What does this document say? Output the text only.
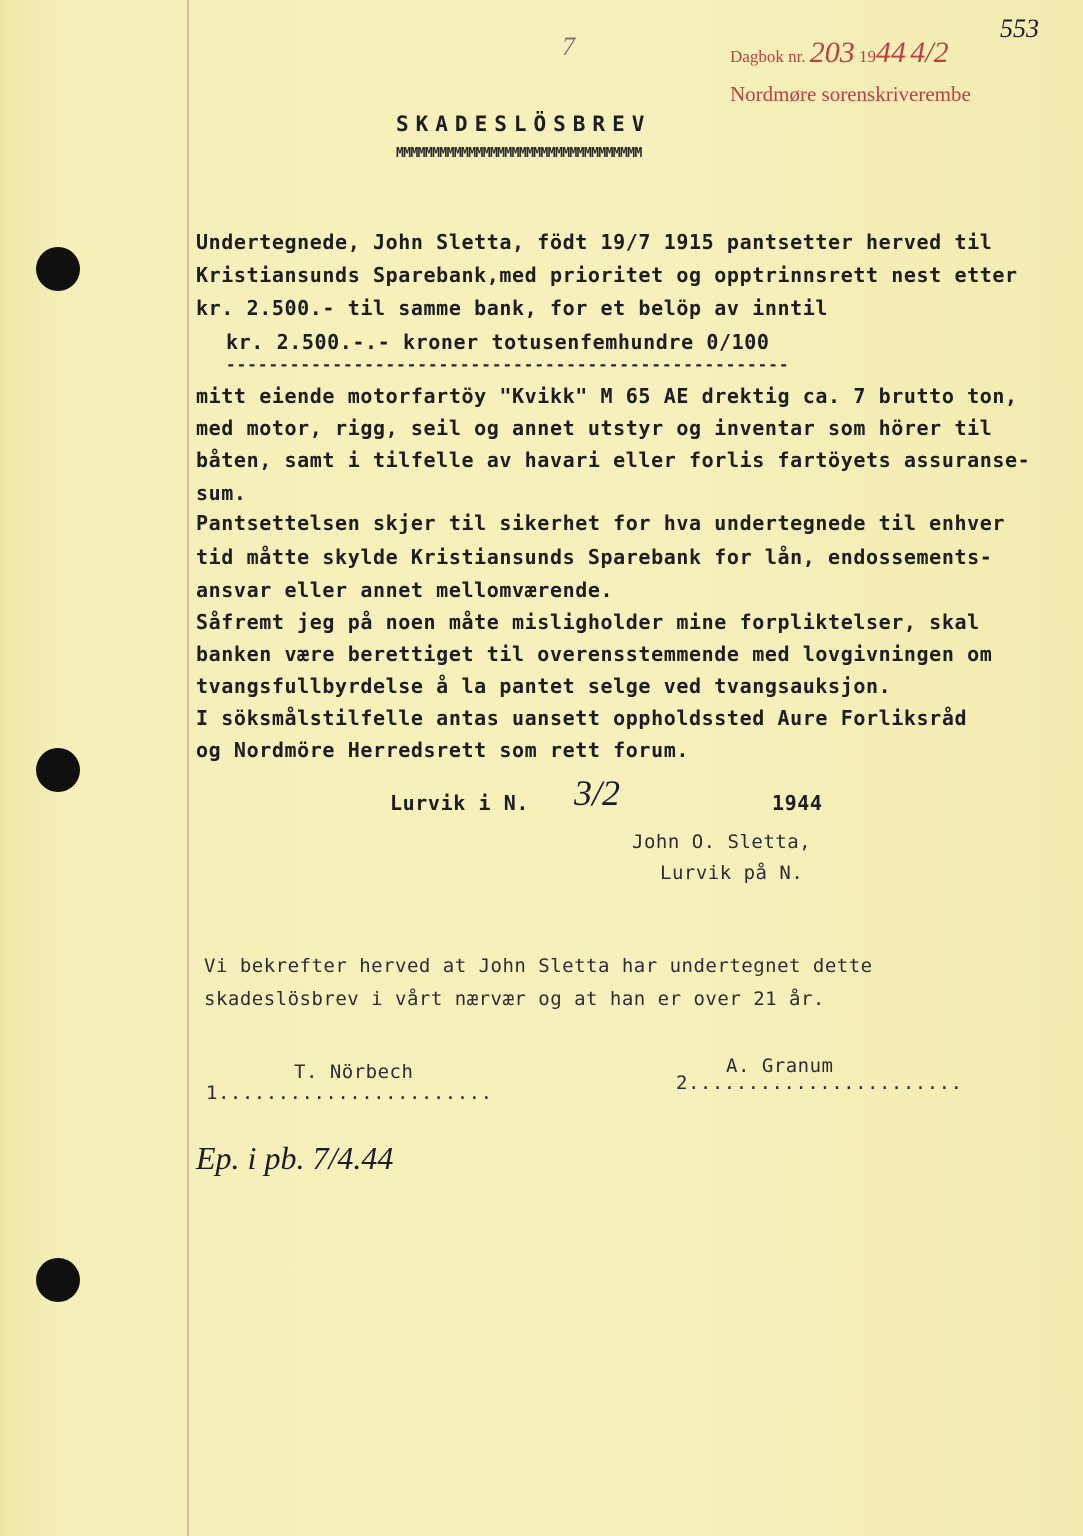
553
Dagbok nr. 203 1944 4/2
Nordmøre sorenskriverembe
7
SKADESLÖSBREV
MMMMMMMMMMMMMMMMMMMMMMMMMMMMMMMMMM
Undertegnede, John Sletta, födt 19/7 1915 pantsetter herved til
Kristiansunds Sparebank,med prioritet og opptrinnsrett nest etter
kr. 2.500.- til samme bank, for et belöp av inntil
kr. 2.500.-.- kroner totusenfemhundre 0/100
-----------------------------------------------------
mitt eiende motorfartöy "Kvikk" M 65 AE drektig ca. 7 brutto ton,
med motor, rigg, seil og annet utstyr og inventar som hörer til
båten, samt i tilfelle av havari eller forlis fartöyets assuranse-
sum.
Pantsettelsen skjer til sikerhet for hva undertegnede til enhver
tid måtte skylde Kristiansunds Sparebank for lån, endossements-
ansvar eller annet mellomværende.
Såfremt jeg på noen måte misligholder mine forpliktelser, skal
banken være berettiget til overensstemmende med lovgivningen om
tvangsfullbyrdelse å la pantet selge ved tvangsauksjon.
I söksmålstilfelle antas uansett oppholdssted Aure Forliksråd
og Nordmöre Herredsrett som rett forum.
Lurvik i N. 3/2	1944
John O. Sletta,
Lurvik på N.
Vi bekrefter herved at John Sletta har undertegnet dette
skadeslösbrev i vårt nærvær og at han er over 21 år.
T. Nörbech
1.......................
A. Granum
2.......................
Ep. i pb. 7/4.44
